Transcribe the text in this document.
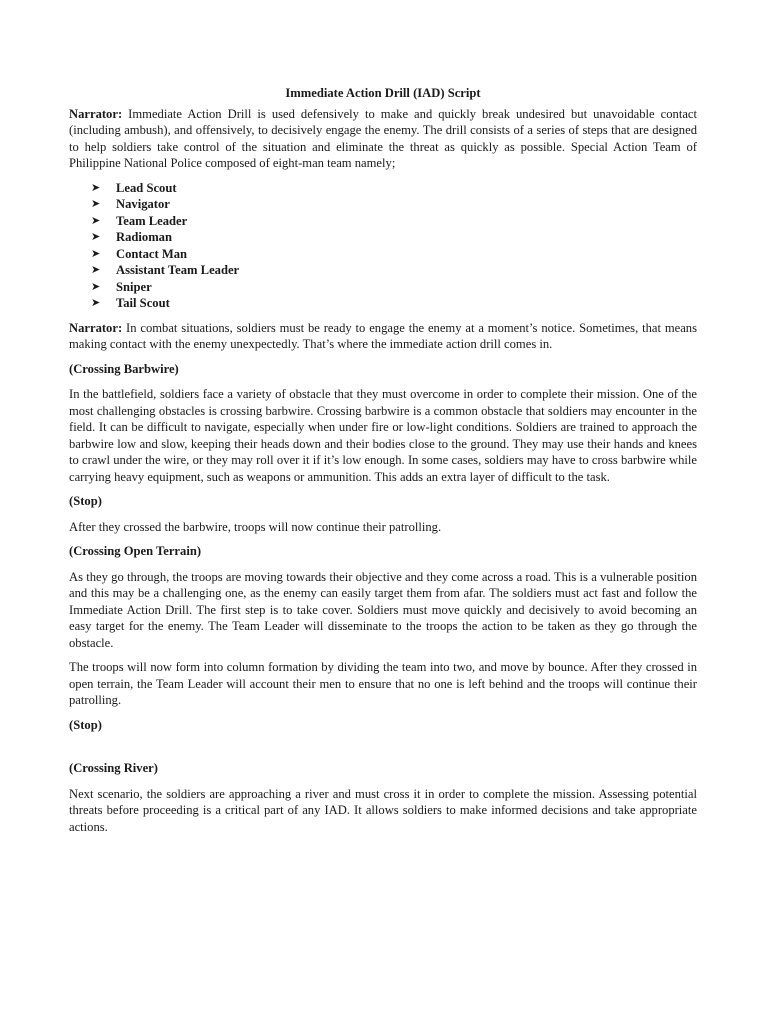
Immediate Action Drill (IAD) Script

Narrator: Immediate Action Drill is used defensively to make and quickly break undesired but unavoidable contact (including ambush), and offensively, to decisively engage the enemy. The drill consists of a series of steps that are designed to help soldiers take control of the situation and eliminate the threat as quickly as possible. Special Action Team of Philippine National Police composed of eight-man team namely;

➤	Lead Scout
➤	Navigator
➤	Team Leader
➤	Radioman
➤	Contact Man
➤	Assistant Team Leader
➤	Sniper
➤	Tail Scout

Narrator: In combat situations, soldiers must be ready to engage the enemy at a moment’s notice. Sometimes, that means making contact with the enemy unexpectedly. That’s where the immediate action drill comes in.

(Crossing Barbwire)

In the battlefield, soldiers face a variety of obstacle that they must overcome in order to complete their mission. One of the most challenging obstacles is crossing barbwire. Crossing barbwire is a common obstacle that soldiers may encounter in the field. It can be difficult to navigate, especially when under fire or low-light conditions. Soldiers are trained to approach the barbwire low and slow, keeping their heads down and their bodies close to the ground. They may use their hands and knees to crawl under the wire, or they may roll over it if it’s low enough. In some cases, soldiers may have to cross barbwire while carrying heavy equipment, such as weapons or ammunition. This adds an extra layer of difficult to the task.

(Stop)

After they crossed the barbwire, troops will now continue their patrolling.

(Crossing Open Terrain)

As they go through, the troops are moving towards their objective and they come across a road. This is a vulnerable position and this may be a challenging one, as the enemy can easily target them from afar. The soldiers must act fast and follow the Immediate Action Drill. The first step is to take cover. Soldiers must move quickly and decisively to avoid becoming an easy target for the enemy. The Team Leader will disseminate to the troops the action to be taken as they go through the obstacle.

The troops will now form into column formation by dividing the team into two, and move by bounce. After they crossed in open terrain, the Team Leader will account their men to ensure that no one is left behind and the troops will continue their patrolling.

(Stop)
(Crossing River)

Next scenario, the soldiers are approaching a river and must cross it in order to complete the mission. Assessing potential threats before proceeding is a critical part of any IAD. It allows soldiers to make informed decisions and take appropriate actions.
